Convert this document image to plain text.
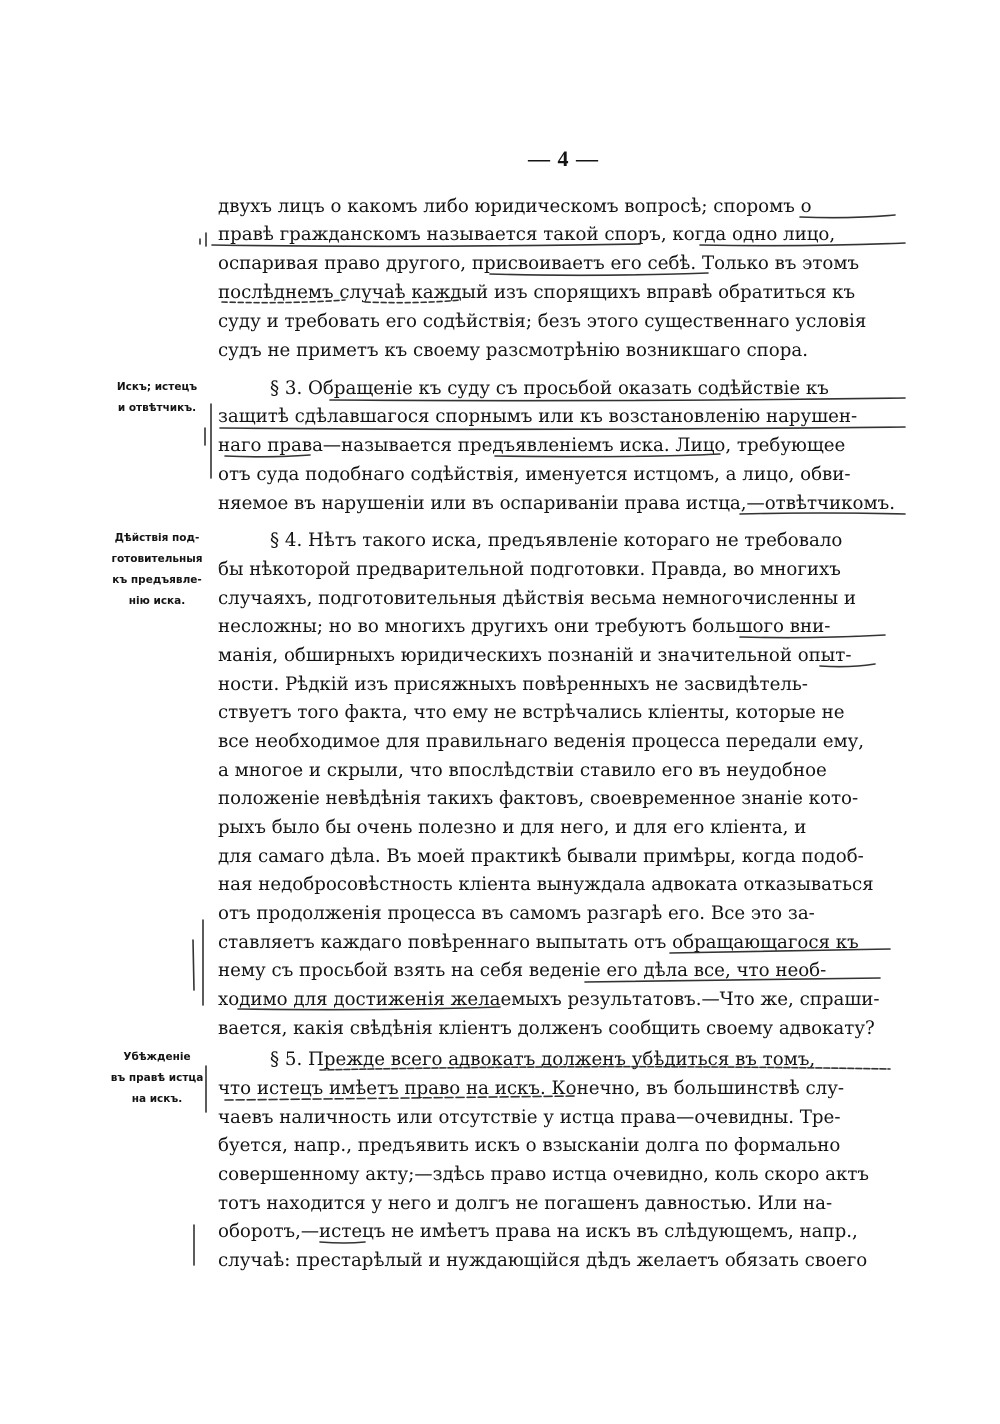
— 4 —
Искъ; истецъ
и отвѣтчикъ.
Дѣйствія под-
готовительныя
къ предъявле-
нію иска.
Убѣжденіе
въ правѣ истца
на искъ.
двухъ лицъ о какомъ либо юридическомъ вопросѣ; споромъ о
правѣ гражданскомъ называется такой споръ, когда одно лицо,
оспаривая право другого, присвоиваетъ его себѣ. Только въ этомъ
послѣднемъ случаѣ каждый изъ спорящихъ вправѣ обратиться къ
суду и требовать его содѣйствія; безъ этого существеннаго условія
судъ не приметъ къ своему разсмотрѣнію возникшаго спора.
§ 3. Обращеніе къ суду съ просьбой оказать содѣйствіе къ
защитѣ сдѣлавшагося спорнымъ или къ возстановленію нарушен-
наго права—называется предъявленіемъ иска. Лицо, требующее
отъ суда подобнаго содѣйствія, именуется истцомъ, а лицо, обви-
няемое въ нарушеніи или въ оспариваніи права истца,—отвѣтчикомъ.
§ 4. Нѣтъ такого иска, предъявленіе котораго не требовало
бы нѣкоторой предварительной подготовки. Правда, во многихъ
случаяхъ, подготовительныя дѣйствія весьма немногочисленны и
несложны; но во многихъ другихъ они требуютъ большого вни-
манія, обширныхъ юридическихъ познаній и значительной опыт-
ности. Рѣдкій изъ присяжныхъ повѣренныхъ не засвидѣтель-
ствуетъ того факта, что ему не встрѣчались кліенты, которые не
все необходимое для правильнаго веденія процесса передали ему,
а многое и скрыли, что впослѣдствіи ставило его въ неудобное
положеніе невѣдѣнія такихъ фактовъ, своевременное знаніе кото-
рыхъ было бы очень полезно и для него, и для его кліента, и
для самаго дѣла. Въ моей практикѣ бывали примѣры, когда подоб-
ная недобросовѣстность кліента вынуждала адвоката отказываться
отъ продолженія процесса въ самомъ разгарѣ его. Все это за-
ставляетъ каждаго повѣреннаго выпытать отъ обращающагося къ
нему съ просьбой взять на себя веденіе его дѣла все, что необ-
ходимо для достиженія желаемыхъ результатовъ.—Что же, спраши-
вается, какія свѣдѣнія кліентъ долженъ сообщить своему адвокату?
§ 5. Прежде всего адвокатъ долженъ убѣдиться въ томъ,
что истецъ имѣетъ право на искъ. Конечно, въ большинствѣ слу-
чаевъ наличность или отсутствіе у истца права—очевидны. Тре-
буется, напр., предъявить искъ о взысканіи долга по формально
совершенному акту;—здѣсь право истца очевидно, коль скоро актъ
тотъ находится у него и долгъ не погашенъ давностью. Или на-
оборотъ,—истецъ не имѣетъ права на искъ въ слѣдующемъ, напр.,
случаѣ: престарѣлый и нуждающійся дѣдъ желаетъ обязать своего
